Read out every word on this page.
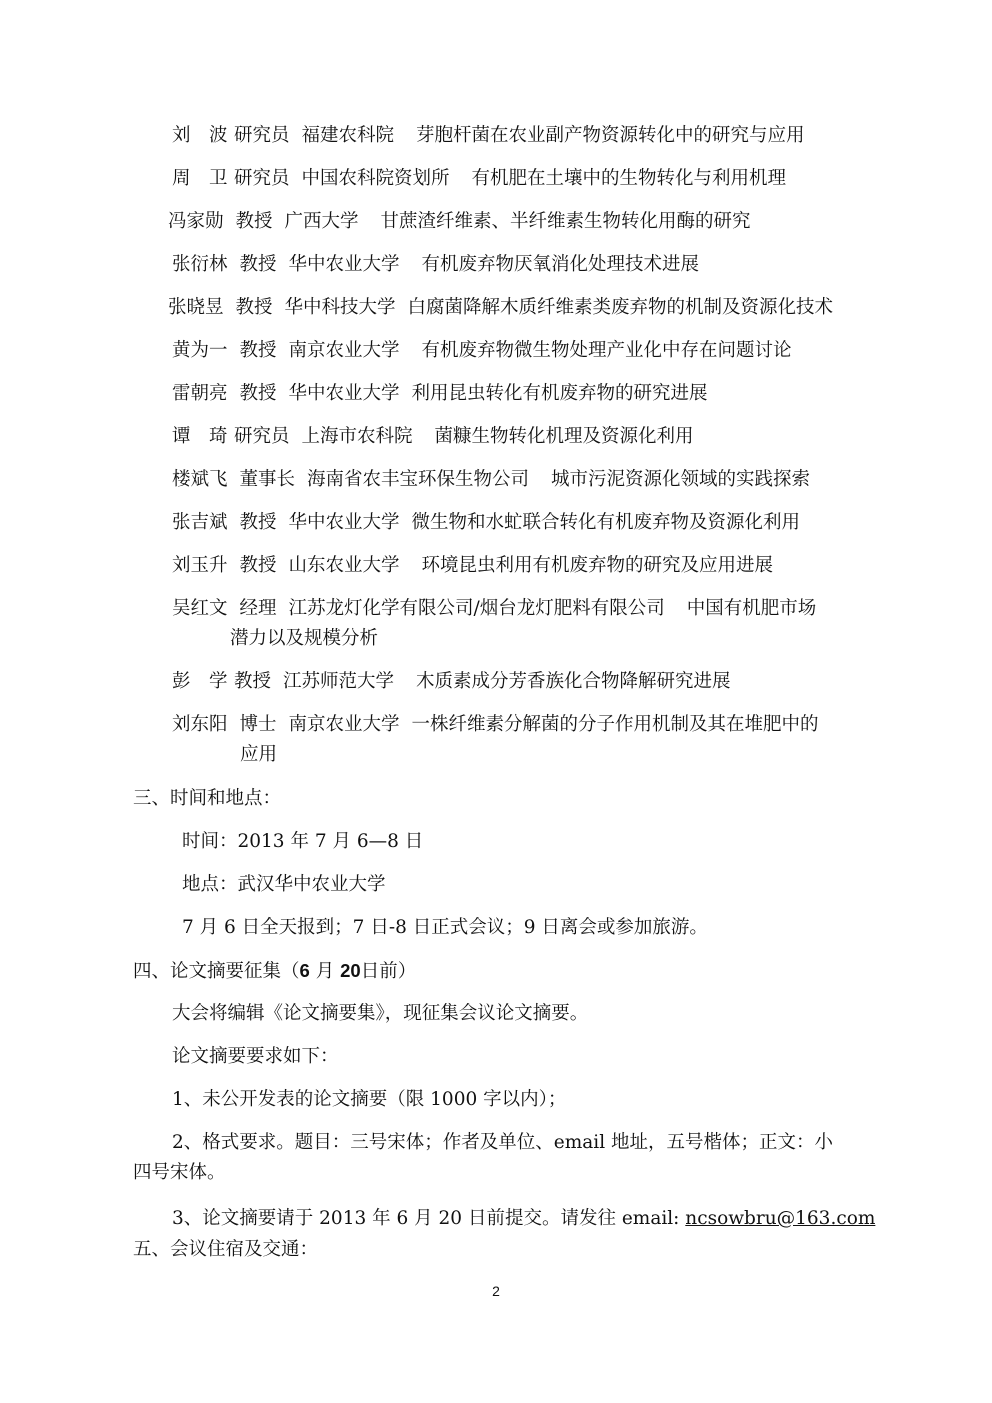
刘　波 研究员 福建农科院 芽胞杆菌在农业副产物资源转化中的研究与应用
周　卫 研究员 中国农科院资划所 有机肥在土壤中的生物转化与利用机理
冯家勋 教授 广西大学 甘蔗渣纤维素、半纤维素生物转化用酶的研究
张衍林 教授 华中农业大学 有机废弃物厌氧消化处理技术进展
张晓昱 教授 华中科技大学 白腐菌降解木质纤维素类废弃物的机制及资源化技术
黄为一 教授 南京农业大学 有机废弃物微生物处理产业化中存在问题讨论
雷朝亮 教授 华中农业大学 利用昆虫转化有机废弃物的研究进展
谭　琦 研究员 上海市农科院 菌糠生物转化机理及资源化利用
楼斌飞 董事长 海南省农丰宝环保生物公司 城市污泥资源化领域的实践探索
张吉斌 教授 华中农业大学 微生物和水虻联合转化有机废弃物及资源化利用
刘玉升 教授 山东农业大学 环境昆虫利用有机废弃物的研究及应用进展
吴红文 经理 江苏龙灯化学有限公司/烟台龙灯肥料有限公司 中国有机肥市场
潜力以及规模分析
彭　学 教授 江苏师范大学 木质素成分芳香族化合物降解研究进展
刘东阳 博士 南京农业大学 一株纤维素分解菌的分子作用机制及其在堆肥中的
应用
三、时间和地点：
时间：2013 年 7 月 6—8 日
地点：武汉华中农业大学
7 月 6 日全天报到；7 日-8 日正式会议；9 日离会或参加旅游。
四、论文摘要征集（6 月 20日前）
大会将编辑《论文摘要集》，现征集会议论文摘要。
论文摘要要求如下：
1、未公开发表的论文摘要（限 1000 字以内）；
2、格式要求。题目：三号宋体；作者及单位、email 地址，五号楷体；正文：小
四号宋体。
3、论文摘要请于 2013 年 6 月 20 日前提交。请发往 email: ncsowbru@163.com
五、会议住宿及交通：
2
